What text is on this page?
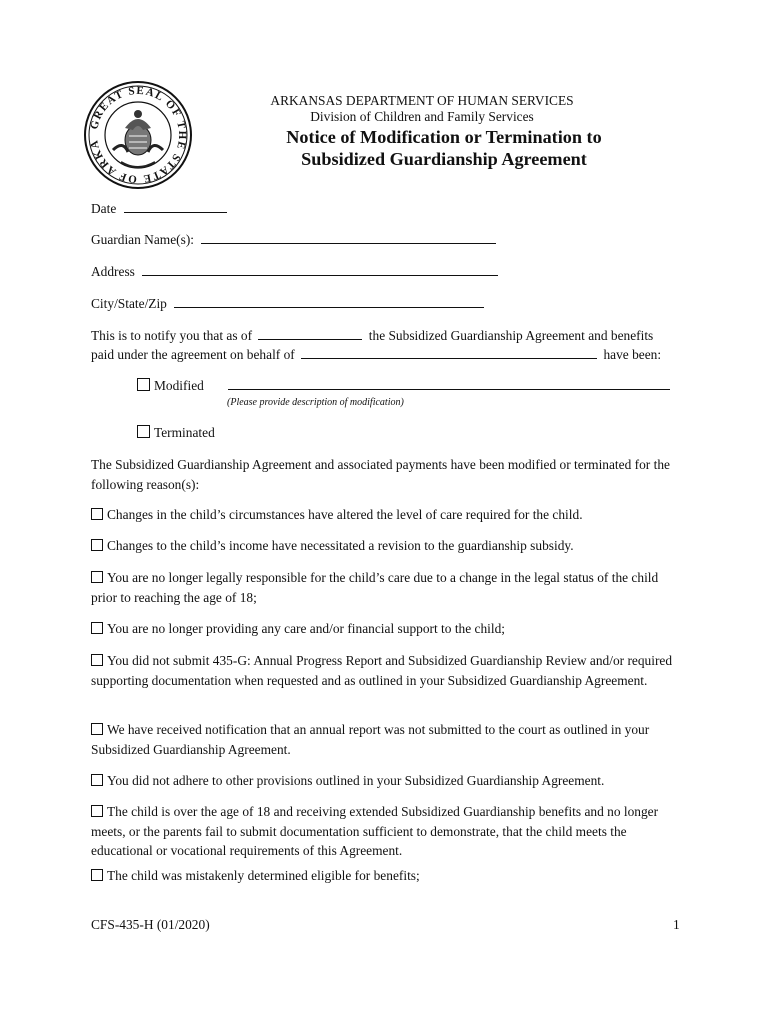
GREAT SEAL OF THE STATE OF ARKA
ARKANSAS DEPARTMENT OF HUMAN SERVICES
Division of Children and Family Services
Notice of Modification or Termination to
Subsidized Guardianship Agreement
Date
Guardian Name(s):
Address
City/State/Zip
This is to notify you that as of	the Subsidized Guardianship Agreement and benefits
paid under the agreement on behalf of	have been:
Modified
(Please provide description of modification)
Terminated
The Subsidized Guardianship Agreement and associated payments have been modified or terminated for the following reason(s):
Changes in the child’s circumstances have altered the level of care required for the child.
Changes to the child’s income have necessitated a revision to the guardianship subsidy.
You are no longer legally responsible for the child’s care due to a change in the legal status of the child prior to reaching the age of 18;
You are no longer providing any care and/or financial support to the child;
You did not submit 435-G: Annual Progress Report and Subsidized Guardianship Review and/or required supporting documentation when requested and as outlined in your Subsidized Guardianship Agreement.
We have received notification that an annual report was not submitted to the court as outlined in your Subsidized Guardianship Agreement.
You did not adhere to other provisions outlined in your Subsidized Guardianship Agreement.
The child is over the age of 18 and receiving extended Subsidized Guardianship benefits and no longer meets, or the parents fail to submit documentation sufficient to demonstrate, that the child meets the educational or vocational requirements of this Agreement.
The child was mistakenly determined eligible for benefits;
CFS-435-H (01/2020)	1
